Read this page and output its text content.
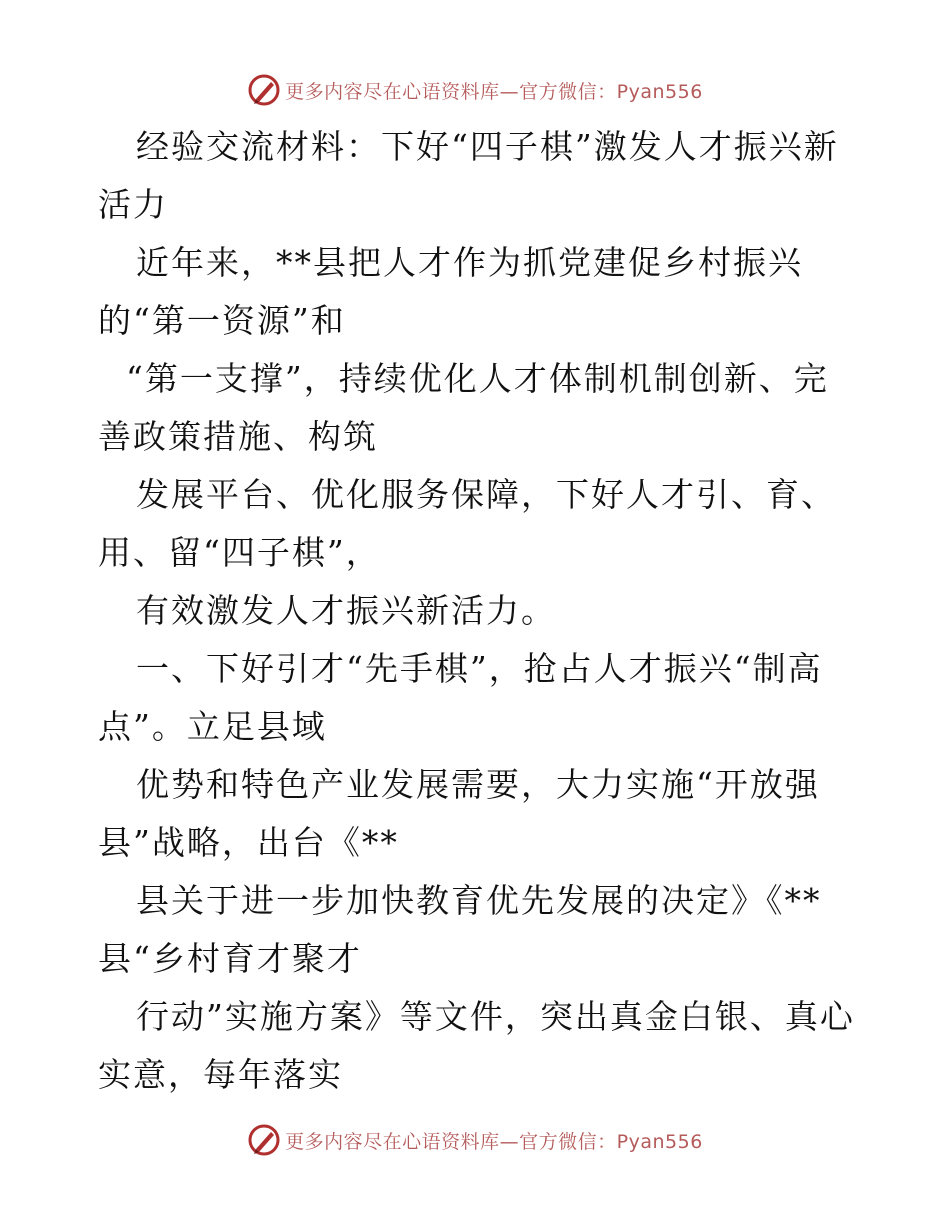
更多内容尽在心语资料库—官方微信：Pyan556
经验交流材料：下好“四子棋”激发人才振兴新
活力
近年来，**县把人才作为抓党建促乡村振兴
的“第一资源”和
“第一支撑”，持续优化人才体制机制创新、完
善政策措施、构筑
发展平台、优化服务保障，下好人才引、育、
用、留“四子棋”，
有效激发人才振兴新活力。
一、下好引才“先手棋”，抢占人才振兴“制高
点”。立足县域
优势和特色产业发展需要，大力实施“开放强
县”战略，出台《**
县关于进一步加快教育优先发展的决定》《**
县“乡村育才聚才
行动”实施方案》等文件，突出真金白银、真心
实意，每年落实
更多内容尽在心语资料库—官方微信：Pyan556
